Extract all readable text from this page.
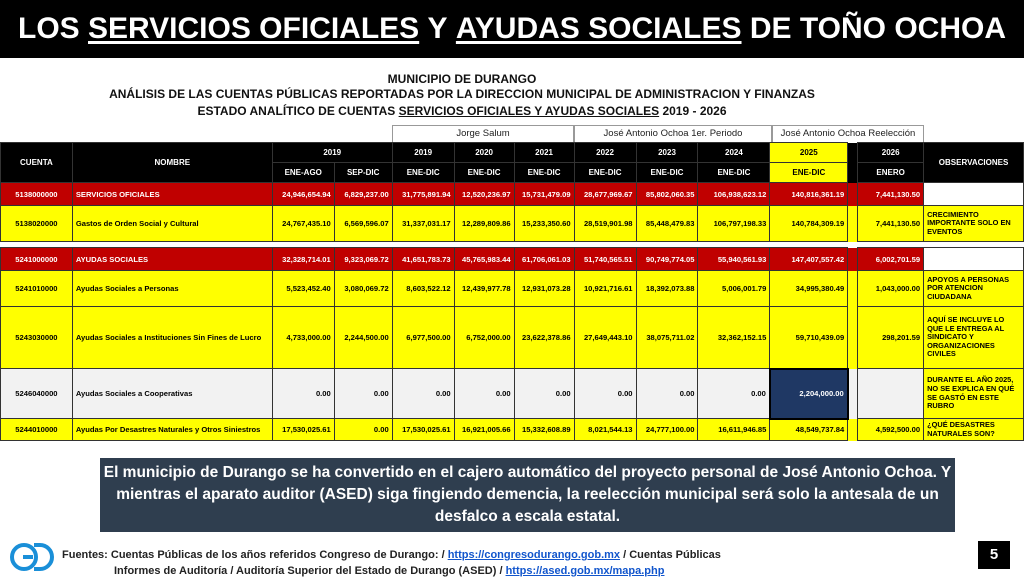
LOS
SERVICIOS OFICIALES
Y
AYUDAS SOCIALES
DE TOÑO OCHOA
MUNICIPIO DE DURANGO
ANÁLISIS DE LAS CUENTAS PÚBLICAS REPORTADAS POR LA DIRECCION MUNICIPAL DE ADMINISTRACION Y FINANZAS
ESTADO ANALÍTICO DE CUENTAS SERVICIOS OFICIALES Y AYUDAS SOCIALES 2019 - 2026
Jorge Salum	José Antonio Ochoa 1er. Periodo	José Antonio Ochoa Reelección
CUENTA	NOMBRE	2019		2019	2020	2021	2022	2023	2024	2025		2026	OBSERVACIONES
		ENE-AGO	SEP-DIC	ENE-DIC	ENE-DIC	ENE-DIC	ENE-DIC	ENE-DIC	ENE-DIC	ENE-DIC		ENERO	
5138000000	SERVICIOS OFICIALES	24,946,654.94	6,829,237.00	31,775,891.94	12,520,236.97	15,731,479.09	28,677,969.67	85,802,060.35	106,938,623.12	140,816,361.19		7,441,130.50	
5138020000	Gastos de Orden Social y Cultural	24,767,435.10	6,569,596.07	31,337,031.17	12,289,809.86	15,233,350.60	28,519,901.98	85,448,479.83	106,797,198.33	140,784,309.19		7,441,130.50	CRECIMIENTO IMPORTANTE SOLO EN EVENTOS

5241000000	AYUDAS SOCIALES	32,328,714.01	9,323,069.72	41,651,783.73	45,765,983.44	61,706,061.03	51,740,565.51	90,749,774.05	55,940,561.93	147,407,557.42		6,002,701.59	
5241010000	Ayudas Sociales a Personas	5,523,452.40	3,080,069.72	8,603,522.12	12,439,977.78	12,931,073.28	10,921,716.61	18,392,073.88	5,006,001.79	34,995,380.49		1,043,000.00	APOYOS A PERSONAS POR ATENCION CIUDADANA
5243030000	Ayudas Sociales a Instituciones Sin Fines de Lucro	4,733,000.00	2,244,500.00	6,977,500.00	6,752,000.00	23,622,378.86	27,649,443.10	38,075,711.02	32,362,152.15	59,710,439.09		298,201.59	AQUÍ SE INCLUYE LO QUE LE ENTREGA AL SINDICATO Y ORGANIZACIONES CIVILES
5246040000	Ayudas Sociales a Cooperativas	0.00	0.00	0.00	0.00	0.00	0.00	0.00	0.00	2,204,000.00			DURANTE EL AÑO 2025, NO SE EXPLICA EN QUÉ SE GASTÓ EN ESTE RUBRO
5244010000	Ayudas Por Desastres Naturales y Otros Siniestros	17,530,025.61	0.00	17,530,025.61	16,921,005.66	15,332,608.89	8,021,544.13	24,777,100.00	16,611,946.85	48,549,737.84		4,592,500.00	¿QUÉ DESASTRES NATURALES SON?
El municipio de Durango se ha convertido en el cajero automático del proyecto personal de José Antonio Ochoa. Y mientras el aparato auditor (ASED) siga fingiendo demencia, la reelección municipal será solo la antesala de un desfalco a escala estatal.
Fuentes: Cuentas Públicas de los años referidos Congreso de Durango: / https://congresodurango.gob.mx / Cuentas Públicas
Informes de Auditoría / Auditoría Superior del Estado de Durango (ASED) / https://ased.gob.mx/mapa.php
5
